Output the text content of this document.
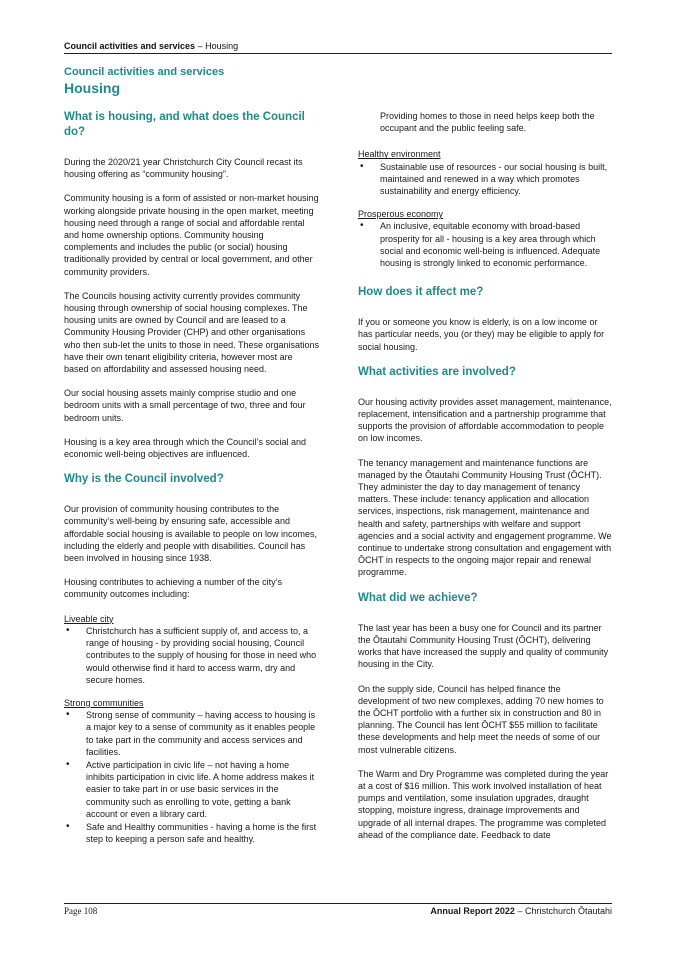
Council activities and services – Housing
Council activities and services
Housing
What is housing, and what does the Council do?

During the 2020/21 year Christchurch City Council recast its housing offering as “community housing”.

Community housing is a form of assisted or non-market housing working alongside private housing in the open market, meeting housing need through a range of social and affordable rental and home ownership options. Community housing complements and includes the public (or social) housing traditionally provided by central or local government, and other community providers.

The Councils housing activity currently provides community housing through ownership of social housing complexes. The housing units are owned by Council and are leased to a Community Housing Provider (CHP) and other organisations who then sub-let the units to those in need. These organisations have their own tenant eligibility criteria, however most are based on affordability and assessed housing need.

Our social housing assets mainly comprise studio and one bedroom units with a small percentage of two, three and four bedroom units.

Housing is a key area through which the Council’s social and economic well-being objectives are influenced.

Why is the Council involved?

Our provision of community housing contributes to the community’s well-being by ensuring safe, accessible and affordable social housing is available to people on low incomes, including the elderly and people with disabilities. Council has been involved in housing since 1938.

Housing contributes to achieving a number of the city’s community outcomes including:

Liveable city

• Christchurch has a sufficient supply of, and access to, a range of housing - by providing social housing, Council contributes to the supply of housing for those in need who would otherwise find it hard to access warm, dry and secure homes.

Strong communities

• Strong sense of community – having access to housing is a major key to a sense of community as it enables people to take part in the community and access services and facilities.
• Active participation in civic life – not having a home inhibits participation in civic life. A home address makes it easier to take part in or use basic services in the community such as enrolling to vote, getting a bank account or even a library card.
• Safe and Healthy communities - having a home is the first step to keeping a person safe and healthy.
Providing homes to those in need helps keep both the occupant and the public feeling safe.

Healthy environment

• Sustainable use of resources - our social housing is built, maintained and renewed in a way which promotes sustainability and energy efficiency.

Prosperous economy

• An inclusive, equitable economy with broad-based prosperity for all - housing is a key area through which social and economic well-being is influenced. Adequate housing is strongly linked to economic performance.
How does it affect me?

If you or someone you know is elderly, is on a low income or has particular needs, you (or they) may be eligible to apply for social housing.

What activities are involved?

Our housing activity provides asset management, maintenance, replacement, intensification and a partnership programme that supports the provision of affordable accommodation to people on low incomes.

The tenancy management and maintenance functions are managed by the Ōtautahi Community Housing Trust (ŌCHT). They administer the day to day management of tenancy matters. These include: tenancy application and allocation services, inspections, risk management, maintenance and health and safety, partnerships with welfare and support agencies and a social activity and engagement programme. We continue to undertake strong consultation and engagement with ŌCHT in respects to the ongoing major repair and renewal programme.

What did we achieve?

The last year has been a busy one for Council and its partner the Ōtautahi Community Housing Trust (ŌCHT), delivering works that have increased the supply and quality of community housing in the City.

On the supply side, Council has helped finance the development of two new complexes, adding 70 new homes to the ŌCHT portfolio with a further six in construction and 80 in planning. The Council has lent ŌCHT $55 million to facilitate these developments and help meet the needs of some of our most vulnerable citizens.

The Warm and Dry Programme was completed during the year at a cost of $16 million. This work involved installation of heat pumps and ventilation, some insulation upgrades, draught stopping, moisture ingress, drainage improvements and upgrade of all internal drapes. The programme was completed ahead of the compliance date. Feedback to date

Page 108	Annual Report 2022 – Christchurch Ōtautahi
